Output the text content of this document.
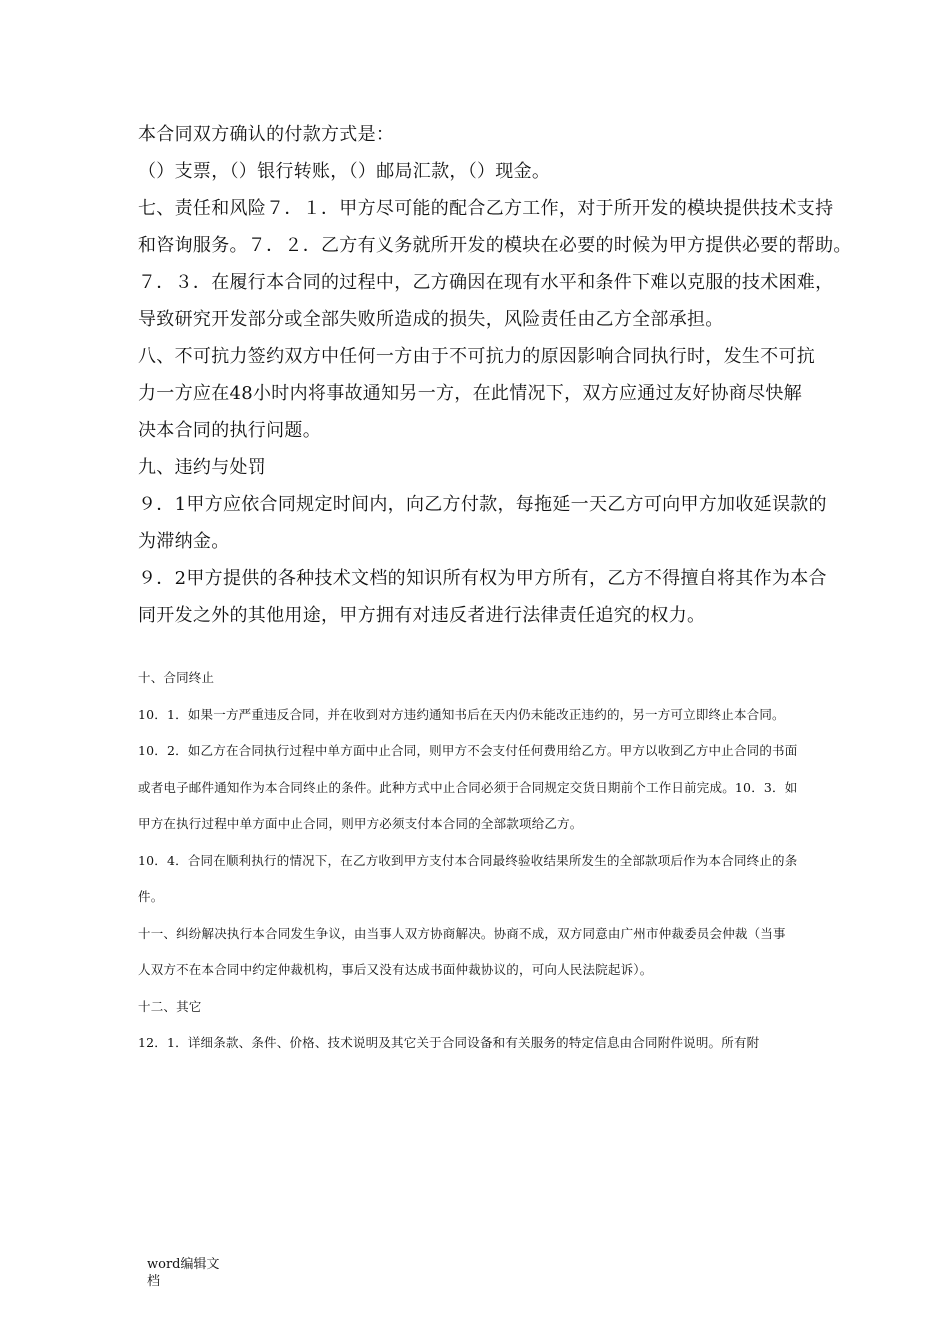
本合同双方确认的付款方式是：

（）支票，（）银行转账，（）邮局汇款，（）现金。

七、责任和风险７．１．甲方尽可能的配合乙方工作，对于所开发的模块提供技术支持

和咨询服务。７．２．乙方有义务就所开发的模块在必要的时候为甲方提供必要的帮助。

７．３．在履行本合同的过程中，乙方确因在现有水平和条件下难以克服的技术困难，

导致研究开发部分或全部失败所造成的损失，风险责任由乙方全部承担。

八、不可抗力签约双方中任何一方由于不可抗力的原因影响合同执行时，发生不可抗

力一方应在48小时内将事故通知另一方，在此情况下，双方应通过友好协商尽快解

决本合同的执行问题。

九、违约与处罚

９．1甲方应依合同规定时间内，向乙方付款，每拖延一天乙方可向甲方加收延误款的

为滞纳金。

９．2甲方提供的各种技术文档的知识所有权为甲方所有，乙方不得擅自将其作为本合

同开发之外的其他用途，甲方拥有对违反者进行法律责任追究的权力。

十、合同终止

10．1．如果一方严重违反合同，并在收到对方违约通知书后在天内仍未能改正违约的，另一方可立即终止本合同。

10．2．如乙方在合同执行过程中单方面中止合同，则甲方不会支付任何费用给乙方。甲方以收到乙方中止合同的书面

或者电子邮件通知作为本合同终止的条件。此种方式中止合同必须于合同规定交货日期前个工作日前完成。10．3．如

甲方在执行过程中单方面中止合同，则甲方必须支付本合同的全部款项给乙方。

10．4．合同在顺利执行的情况下，在乙方收到甲方支付本合同最终验收结果所发生的全部款项后作为本合同终止的条

件。

十一、纠纷解决执行本合同发生争议，由当事人双方协商解决。协商不成，双方同意由广州市仲裁委员会仲裁（当事

人双方不在本合同中约定仲裁机构，事后又没有达成书面仲裁协议的，可向人民法院起诉）。

十二、其它

12．1．详细条款、条件、价格、技术说明及其它关于合同设备和有关服务的特定信息由合同附件说明。所有附

word编辑文
档
